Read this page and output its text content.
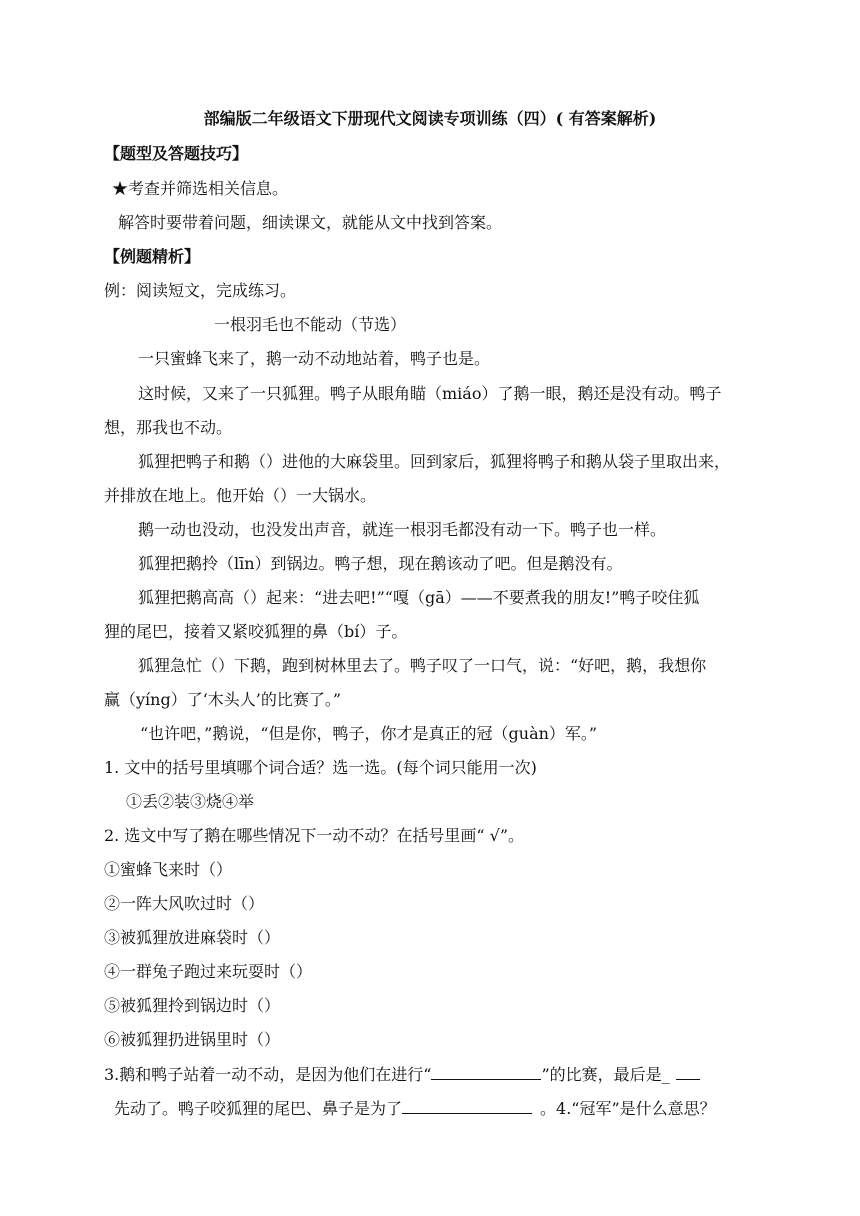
部编版二年级语文下册现代文阅读专项训练（四）( 有答案解析)
【题型及答题技巧】
★考查并筛选相关信息。
解答时要带着问题，细读课文，就能从文中找到答案。
【例题精析】
例：阅读短文，完成练习。
一根羽毛也不能动（节选）
一只蜜蜂飞来了，鹅一动不动地站着，鸭子也是。
这时候，又来了一只狐狸。鸭子从眼角瞄（miáo）了鹅一眼，鹅还是没有动。鸭子
想，那我也不动。
狐狸把鸭子和鹅（）进他的大麻袋里。回到家后，狐狸将鸭子和鹅从袋子里取出来，
并排放在地上。他开始（）一大锅水。
鹅一动也没动，也没发出声音，就连一根羽毛都没有动一下。鸭子也一样。
狐狸把鹅拎（līn）到锅边。鸭子想，现在鹅该动了吧。但是鹅没有。
狐狸把鹅高高（）起来：“进去吧!”“嘎（gā）——不要煮我的朋友!”鸭子咬住狐
狸的尾巴，接着又紧咬狐狸的鼻（bí）子。
狐狸急忙（）下鹅，跑到树林里去了。鸭子叹了一口气，说：“好吧，鹅，我想你
赢（yíng）了‘木头人’的比赛了。”
“也许吧，”鹅说，“但是你，鸭子，你才是真正的冠（guàn）军。”
1. 文中的括号里填哪个词合适？选一选。(每个词只能用一次)
①丢②装③烧④举
2. 选文中写了鹅在哪些情况下一动不动？在括号里画“ √”。
①蜜蜂飞来时（）
②一阵大风吹过时（）
③被狐狸放进麻袋时（）
④一群兔子跑过来玩耍时（）
⑤被狐狸拎到锅边时（）
⑥被狐狸扔进锅里时（）
3.鹅和鸭子站着一动不动，是因为他们在进行“	”的比赛，最后是_
先动了。鸭子咬狐狸的尾巴、鼻子是为了	。4.“冠军”是什么意思？
